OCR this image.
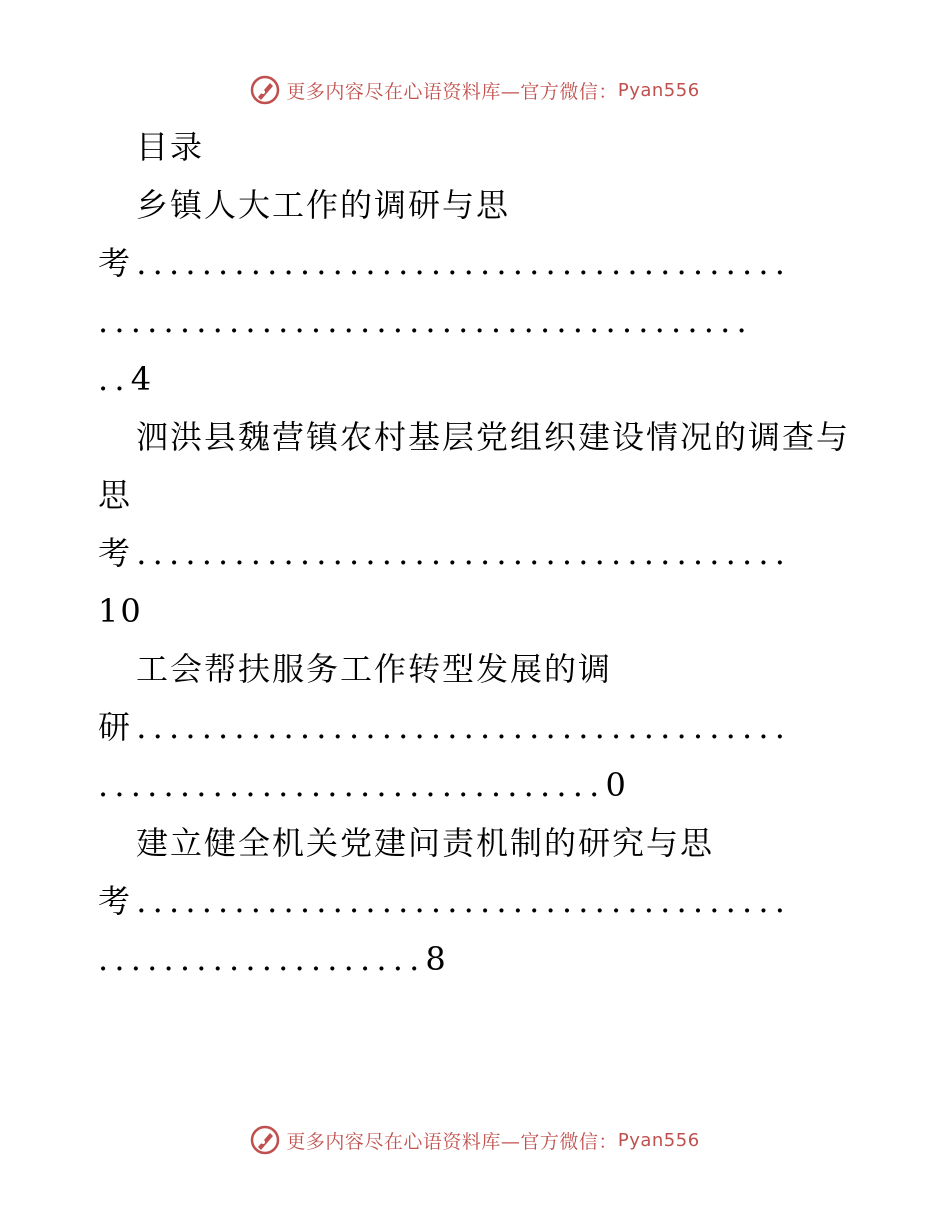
更多内容尽在心语资料库—官方微信： Pyan556
目录
乡镇人大工作的调研与思
考........................................
........................................
..4
泗洪县魏营镇农村基层党组织建设情况的调查与
思
考........................................
10
工会帮扶服务工作转型发展的调
研........................................
...............................0
建立健全机关党建问责机制的研究与思
考........................................
....................8
更多内容尽在心语资料库—官方微信： Pyan556
